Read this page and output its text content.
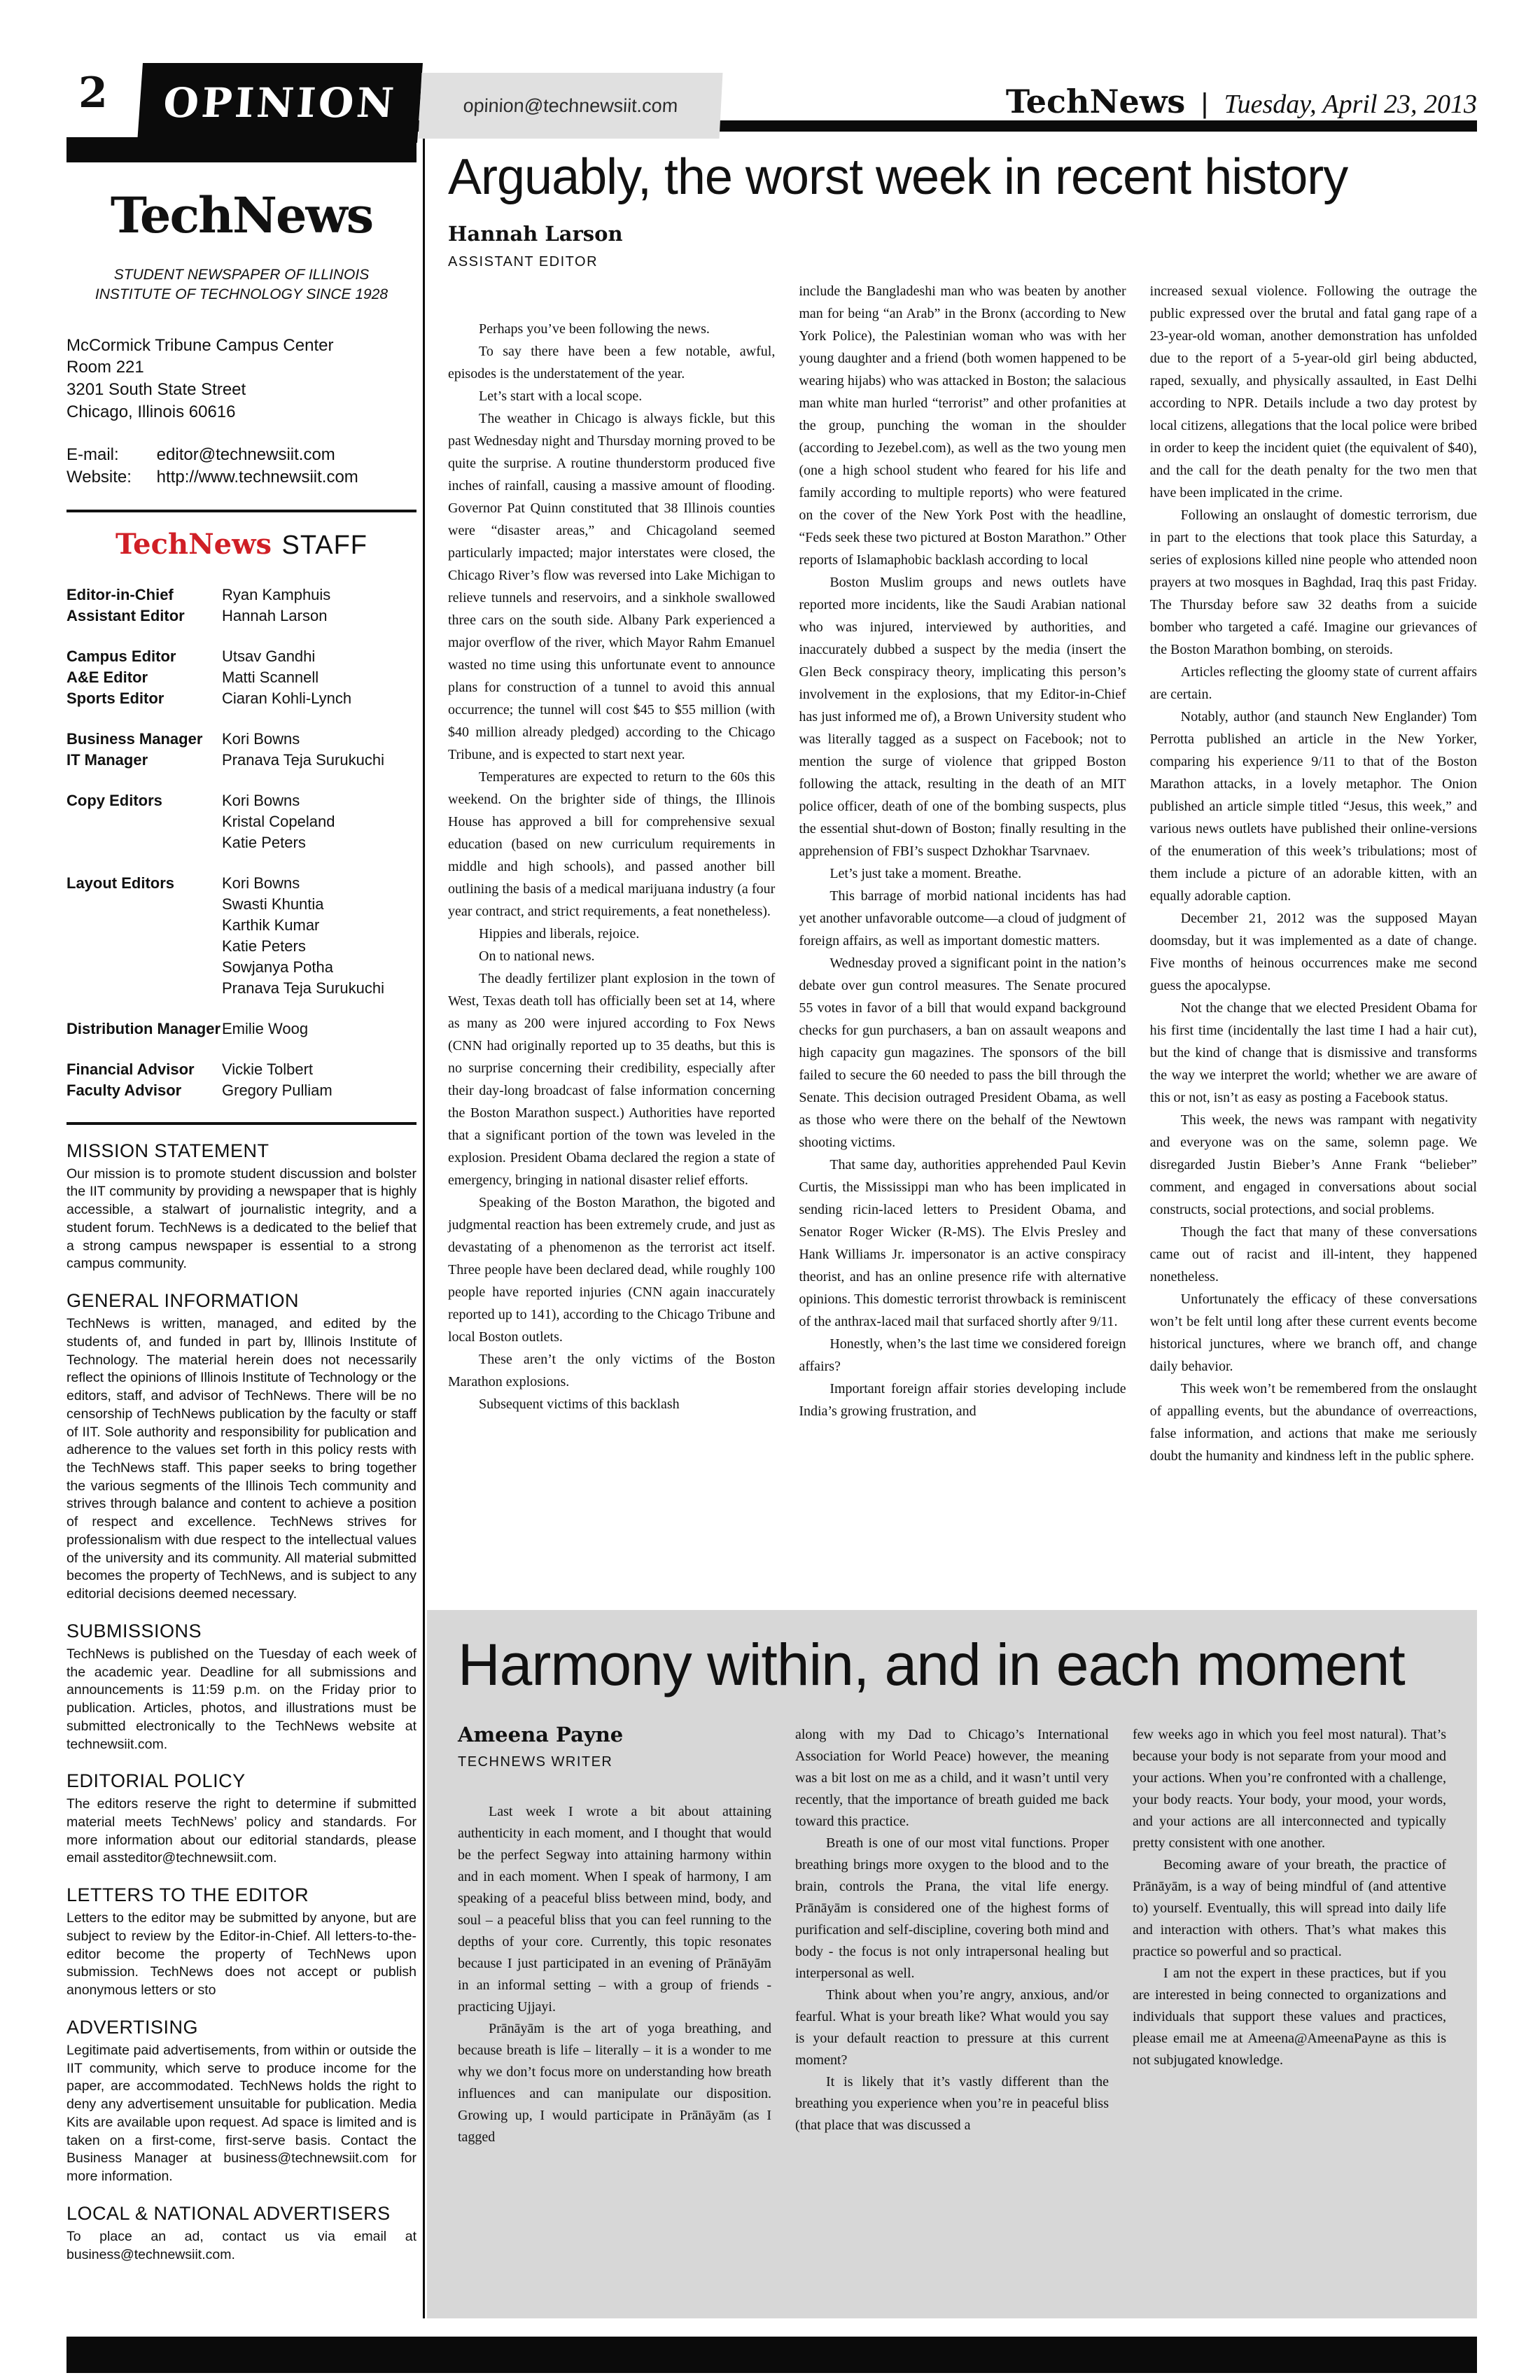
2 OPINION	opinion@technewsiit.com	TechNews | Tuesday, April 23, 2013
TechNews
STUDENT NEWSPAPER OF ILLINOIS INSTITUTE OF TECHNOLOGY SINCE 1928
McCormick Tribune Campus Center
Room 221
3201 South State Street
Chicago, Illinois 60616
E-mail: editor@technewsiit.com
Website: http://www.technewsiit.com
TechNews STAFF
Editor-in-Chief	Ryan Kamphuis
Assistant Editor	Hannah Larson
Campus Editor	Utsav Gandhi
A&E Editor	Matti Scannell
Sports Editor	Ciaran Kohli-Lynch
Business Manager	Kori Bowns
IT Manager	Pranava Teja Surukuchi
Copy Editors	Kori Bowns
Kristal Copeland
Katie Peters
Layout Editors	Kori Bowns
Swasti Khuntia
Karthik Kumar
Katie Peters
Sowjanya Potha
Pranava Teja Surukuchi
Distribution Manager Emilie Woog
Financial Advisor	Vickie Tolbert
Faculty Advisor	Gregory Pulliam
MISSION STATEMENT

Our mission is to promote student discussion and bolster the IIT community by providing a newspaper that is highly accessible, a stalwart of journalistic integrity, and a student forum. TechNews is a dedicated to the belief that a strong campus newspaper is essential to a strong campus community.

GENERAL INFORMATION

TechNews is written, managed, and edited by the students of, and funded in part by, Illinois Institute of Technology. The material herein does not necessarily reflect the opinions of Illinois Institute of Technology or the editors, staff, and advisor of TechNews. There will be no censorship of TechNews publication by the faculty or staff of IIT. Sole authority and responsibility for publication and adherence to the values set forth in this policy rests with the TechNews staff. This paper seeks to bring together the various segments of the Illinois Tech community and strives through balance and content to achieve a position of respect and excellence. TechNews strives for professionalism with due respect to the intellectual values of the university and its community. All material submitted becomes the property of TechNews, and is subject to any editorial decisions deemed necessary.

SUBMISSIONS

TechNews is published on the Tuesday of each week of the academic year. Deadline for all submissions and announcements is 11:59 p.m. on the Friday prior to publication. Articles, photos, and illustrations must be submitted electronically to the TechNews website at technewsiit.com.

EDITORIAL POLICY

The editors reserve the right to determine if submitted material meets TechNews’ policy and standards. For more information about our editorial standards, please email assteditor@technewsiit.com.

LETTERS TO THE EDITOR

Letters to the editor may be submitted by anyone, but are subject to review by the Editor-in-Chief. All letters-to-the-editor become the property of TechNews upon submission. TechNews does not accept or publish anonymous letters or sto

ADVERTISING

Legitimate paid advertisements, from within or outside the IIT community, which serve to produce income for the paper, are accommodated. TechNews holds the right to deny any advertisement unsuitable for publication. Media Kits are available upon request. Ad space is limited and is taken on a first-come, first-serve basis. Contact the Business Manager at business@technewsiit.com for more information.

LOCAL & NATIONAL ADVERTISERS

To place an ad, contact us via email at business@technewsiit.com.

Arguably, the worst week in recent history
Hannah Larson
ASSISTANT EDITOR

Perhaps you’ve been following the news.

To say there have been a few notable, awful, episodes is the understatement of the year.

Let’s start with a local scope.

The weather in Chicago is always fickle, but this past Wednesday night and Thursday morning proved to be quite the surprise. A routine thunderstorm produced five inches of rainfall, causing a massive amount of flooding. Governor Pat Quinn constituted that 38 Illinois counties were “disaster areas,” and Chicagoland seemed particularly impacted; major interstates were closed, the Chicago River’s flow was reversed into Lake Michigan to relieve tunnels and reservoirs, and a sinkhole swallowed three cars on the south side. Albany Park experienced a major overflow of the river, which Mayor Rahm Emanuel wasted no time using this unfortunate event to announce plans for construction of a tunnel to avoid this annual occurrence; the tunnel will cost $45 to $55 million (with $40 million already pledged) according to the Chicago Tribune, and is expected to start next year.

Temperatures are expected to return to the 60s this weekend. On the brighter side of things, the Illinois House has approved a bill for comprehensive sexual education (based on new curriculum requirements in middle and high schools), and passed another bill outlining the basis of a medical marijuana industry (a four year contract, and strict requirements, a feat nonetheless).

Hippies and liberals, rejoice.

On to national news.

The deadly fertilizer plant explosion in the town of West, Texas death toll has officially been set at 14, where as many as 200 were injured according to Fox News (CNN had originally reported up to 35 deaths, but this is no surprise concerning their credibility, especially after their day-long broadcast of false information concerning the Boston Marathon suspect.) Authorities have reported that a significant portion of the town was leveled in the explosion. President Obama declared the region a state of emergency, bringing in national disaster relief efforts.

Speaking of the Boston Marathon, the bigoted and judgmental reaction has been extremely crude, and just as devastating of a phenomenon as the terrorist act itself. Three people have been declared dead, while roughly 100 people have reported injuries (CNN again inaccurately reported up to 141), according to the Chicago Tribune and local Boston outlets.

These aren’t the only victims of the Boston Marathon explosions.

Subsequent victims of this backlash

include the Bangladeshi man who was beaten by another man for being “an Arab” in the Bronx (according to New York Police), the Palestinian woman who was with her young daughter and a friend (both women happened to be wearing hijabs) who was attacked in Boston; the salacious man white man hurled “terrorist” and other profanities at the group, punching the woman in the shoulder (according to Jezebel.com), as well as the two young men (one a high school student who feared for his life and family according to multiple reports) who were featured on the cover of the New York Post with the headline, “Feds seek these two pictured at Boston Marathon.” Other reports of Islamaphobic backlash according to local

Boston Muslim groups and news outlets have reported more incidents, like the Saudi Arabian national who was injured, interviewed by authorities, and inaccurately dubbed a suspect by the media (insert the Glen Beck conspiracy theory, implicating this person’s involvement in the explosions, that my Editor-in-Chief has just informed me of), a Brown University student who was literally tagged as a suspect on Facebook; not to mention the surge of violence that gripped Boston following the attack, resulting in the death of an MIT police officer, death of one of the bombing suspects, plus the essential shut-down of Boston; finally resulting in the apprehension of FBI’s suspect Dzhokhar Tsarvnaev.

Let’s just take a moment. Breathe.

This barrage of morbid national incidents has had yet another unfavorable outcome—a cloud of judgment of foreign affairs, as well as important domestic matters.

Wednesday proved a significant point in the nation’s debate over gun control measures. The Senate procured 55 votes in favor of a bill that would expand background checks for gun purchasers, a ban on assault weapons and high capacity gun magazines. The sponsors of the bill failed to secure the 60 needed to pass the bill through the Senate. This decision outraged President Obama, as well as those who were there on the behalf of the Newtown shooting victims.

That same day, authorities apprehended Paul Kevin Curtis, the Mississippi man who has been implicated in sending ricin-laced letters to President Obama, and Senator Roger Wicker (R-MS). The Elvis Presley and Hank Williams Jr. impersonator is an active conspiracy theorist, and has an online presence rife with alternative opinions. This domestic terrorist throwback is reminiscent of the anthrax-laced mail that surfaced shortly after 9/11.

Honestly, when’s the last time we considered foreign affairs?

Important foreign affair stories developing include India’s growing frustration, and

increased sexual violence. Following the outrage the public expressed over the brutal and fatal gang rape of a 23-year-old woman, another demonstration has unfolded due to the report of a 5-year-old girl being abducted, raped, sexually, and physically assaulted, in East Delhi according to NPR. Details include a two day protest by local citizens, allegations that the local police were bribed in order to keep the incident quiet (the equivalent of $40), and the call for the death penalty for the two men that have been implicated in the crime.

Following an onslaught of domestic terrorism, due in part to the elections that took place this Saturday, a series of explosions killed nine people who attended noon prayers at two mosques in Baghdad, Iraq this past Friday. The Thursday before saw 32 deaths from a suicide bomber who targeted a café. Imagine our grievances of the Boston Marathon bombing, on steroids.

Articles reflecting the gloomy state of current affairs are certain.

Notably, author (and staunch New Englander) Tom Perrotta published an article in the New Yorker, comparing his experience 9/11 to that of the Boston Marathon attacks, in a lovely metaphor. The Onion published an article simple titled “Jesus, this week,” and various news outlets have published their online-versions of the enumeration of this week’s tribulations; most of them include a picture of an adorable kitten, with an equally adorable caption.

December 21, 2012 was the supposed Mayan doomsday, but it was implemented as a date of change. Five months of heinous occurrences make me second guess the apocalypse.

Not the change that we elected President Obama for his first time (incidentally the last time I had a hair cut), but the kind of change that is dismissive and transforms the way we interpret the world; whether we are aware of this or not, isn’t as easy as posting a Facebook status.

This week, the news was rampant with negativity and everyone was on the same, solemn page. We disregarded Justin Bieber’s Anne Frank “belieber” comment, and engaged in conversations about social constructs, social protections, and social problems.

Though the fact that many of these conversations came out of racist and ill-intent, they happened nonetheless.

Unfortunately the efficacy of these conversations won’t be felt until long after these current events become historical junctures, where we branch off, and change daily behavior.

This week won’t be remembered from the onslaught of appalling events, but the abundance of overreactions, false information, and actions that make me seriously doubt the humanity and kindness left in the public sphere.

Harmony within, and in each moment
Ameena Payne
TECHNEWS WRITER

Last week I wrote a bit about attaining authenticity in each moment, and I thought that would be the perfect Segway into attaining harmony within and in each moment. When I speak of harmony, I am speaking of a peaceful bliss between mind, body, and soul – a peaceful bliss that you can feel running to the depths of your core. Currently, this topic resonates because I just participated in an evening of Prānāyām in an informal setting – with a group of friends -practicing Ujjayi.

Prānāyām is the art of yoga breathing, and because breath is life – literally – it is a wonder to me why we don’t focus more on understanding how breath influences and can manipulate our disposition. Growing up, I would participate in Prānāyām (as I tagged

along with my Dad to Chicago’s International Association for World Peace) however, the meaning was a bit lost on me as a child, and it wasn’t until very recently, that the importance of breath guided me back toward this practice.

Breath is one of our most vital functions. Proper breathing brings more oxygen to the blood and to the brain, controls the Prana, the vital life energy. Prānāyām is considered one of the highest forms of purification and self-discipline, covering both mind and body - the focus is not only intrapersonal healing but interpersonal as well.

Think about when you’re angry, anxious, and/or fearful. What is your breath like? What would you say is your default reaction to pressure at this current moment?

It is likely that it’s vastly different than the breathing you experience when you’re in peaceful bliss (that place that was discussed a

few weeks ago in which you feel most natural). That’s because your body is not separate from your mood and your actions. When you’re confronted with a challenge, your body reacts. Your body, your mood, your words, and your actions are all interconnected and typically pretty consistent with one another.

Becoming aware of your breath, the practice of Prānāyām, is a way of being mindful of (and attentive to) yourself. Eventually, this will spread into daily life and interaction with others. That’s what makes this practice so powerful and so practical.

I am not the expert in these practices, but if you are interested in being connected to organizations and individuals that support these values and practices, please email me at Ameena@AmeenaPayne as this is not subjugated knowledge.
